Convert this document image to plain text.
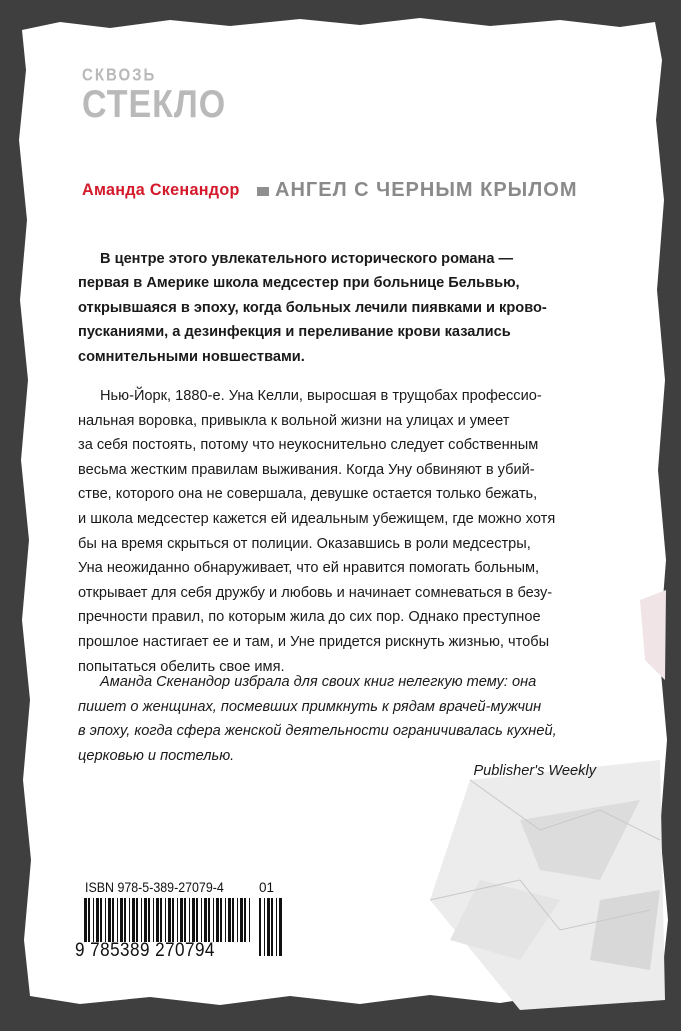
СКВОЗЬ
СТЕКЛО
Аманда Скенандор АНГЕЛ С ЧЕРНЫМ КРЫЛОМ
В центре этого увлекательного исторического романа —
первая в Америке школа медсестер при больнице Бельвью,
открывшаяся в эпоху, когда больных лечили пиявками и крово-
пусканиями, а дезинфекция и переливание крови казались
сомнительными новшествами.
Нью-Йорк, 1880-е. Уна Келли, выросшая в трущобах профессио-
нальная воровка, привыкла к вольной жизни на улицах и умеет
за себя постоять, потому что неукоснительно следует собственным
весьма жестким правилам выживания. Когда Уну обвиняют в убий-
стве, которого она не совершала, девушке остается только бежать,
и школа медсестер кажется ей идеальным убежищем, где можно хотя
бы на время скрыться от полиции. Оказавшись в роли медсестры,
Уна неожиданно обнаруживает, что ей нравится помогать больным,
открывает для себя дружбу и любовь и начинает сомневаться в безу-
пречности правил, по которым жила до сих пор. Однако преступное
прошлое настигает ее и там, и Уне придется рискнуть жизнью, чтобы
попытаться обелить свое имя.
Аманда Скенандор избрала для своих книг нелегкую тему: она
пишет о женщинах, посмевших примкнуть к рядам врачей-мужчин
в эпоху, когда сфера женской деятельности ограничивалась кухней,
церковью и постелью.
Publisher's Weekly
ISBN 978-5-389-27079-4	01
9 785389 270794
